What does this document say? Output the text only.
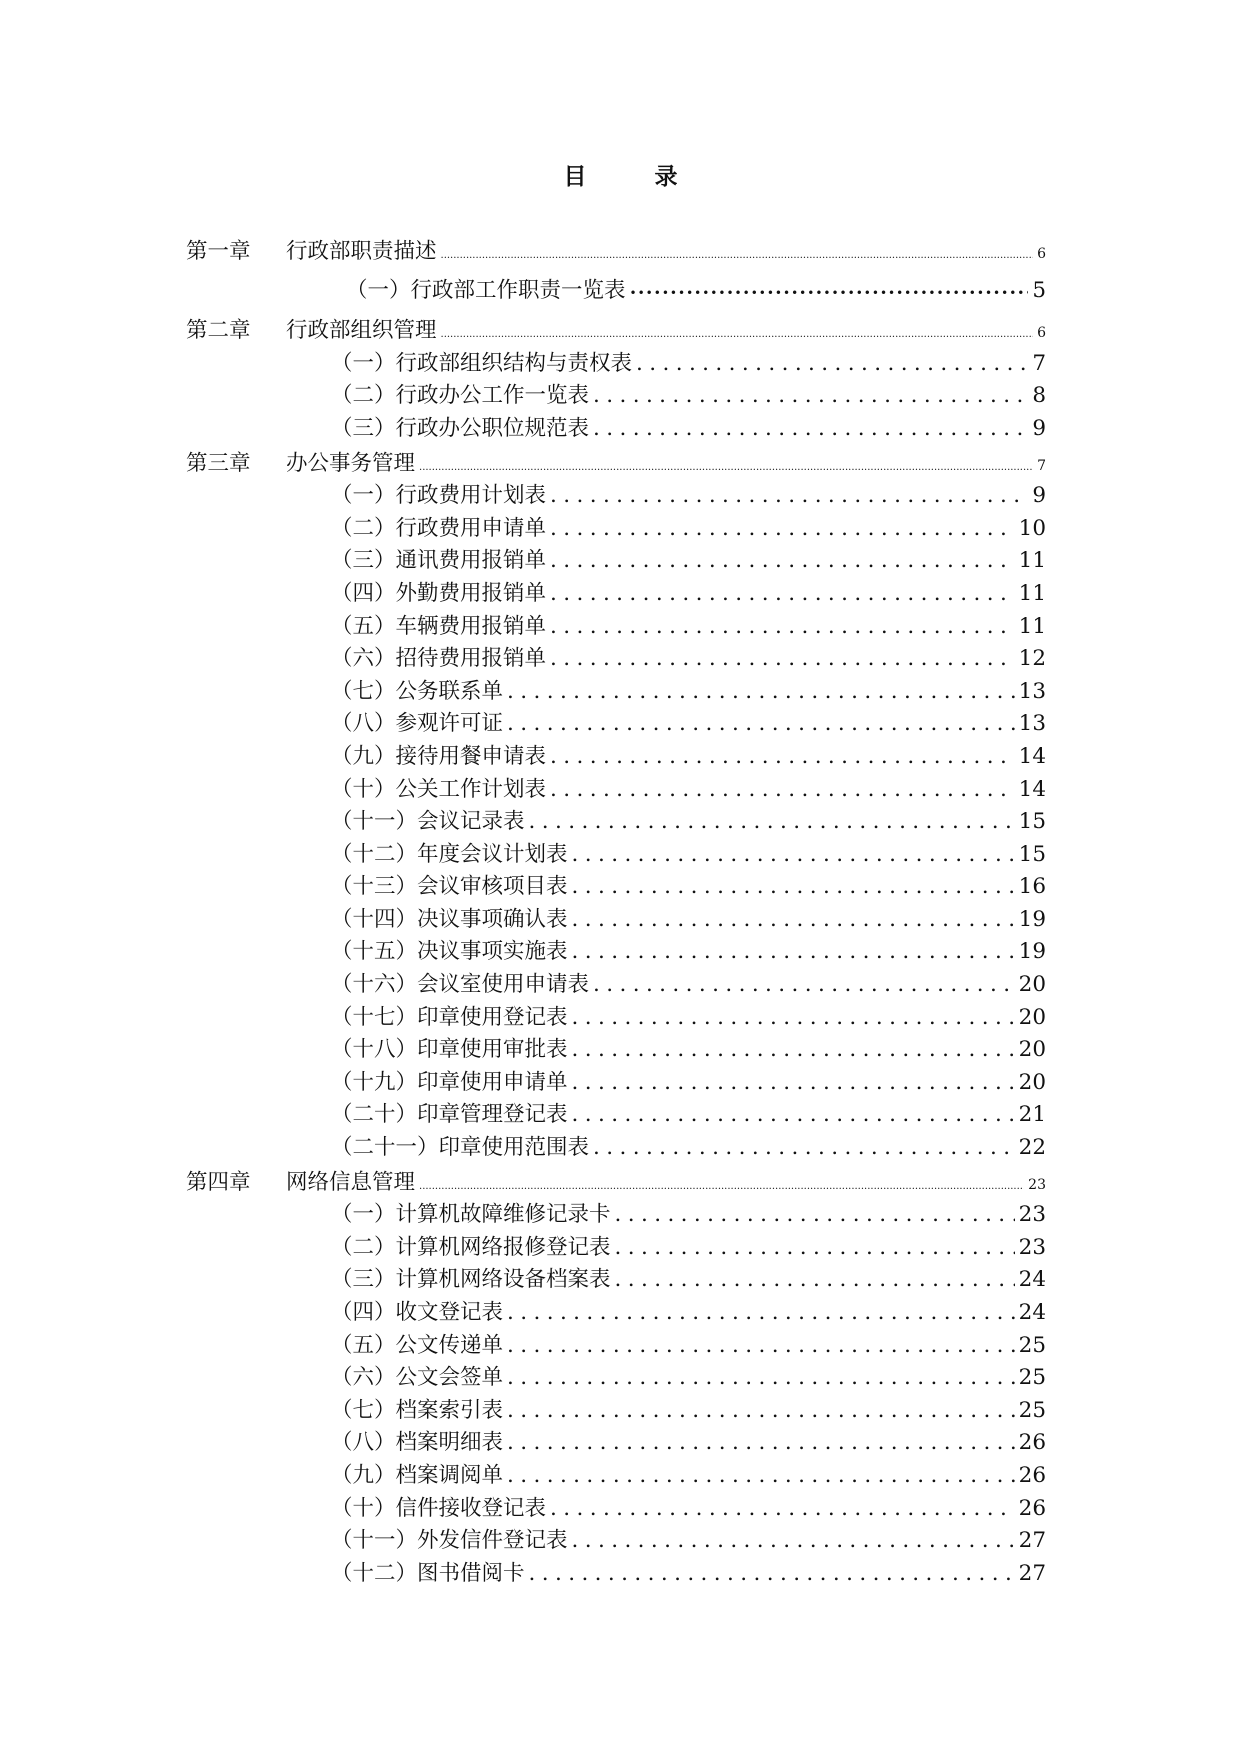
目 录
第一章	行政部职责描述 .....	6
（一）行政部工作职责一览表 •••••	5
第二章	行政部组织管理 .....	6
（一）行政部组织结构与责权表 .....	7
（二）行政办公工作一览表 .....	8
（三）行政办公职位规范表 .....	9
第三章	办公事务管理 .....	7
（一）行政费用计划表 .....	9
（二）行政费用申请单 .....	10
（三）通讯费用报销单 .....	11
（四）外勤费用报销单 .....	11
（五）车辆费用报销单 .....	11
（六）招待费用报销单 .....	12
（七）公务联系单 .....	13
（八）参观许可证 .....	13
（九）接待用餐申请表 .....	14
（十）公关工作计划表 .....	14
（十一）会议记录表 .....	15
（十二）年度会议计划表 .....	15
（十三）会议审核项目表 .....	16
（十四）决议事项确认表 .....	19
（十五）决议事项实施表 .....	19
（十六）会议室使用申请表 .....	20
（十七）印章使用登记表 .....	20
（十八）印章使用审批表 .....	20
（十九）印章使用申请单 .....	20
（二十）印章管理登记表 .....	21
（二十一）印章使用范围表 .....	22
第四章	网络信息管理 .....	23
（一）计算机故障维修记录卡 .....	23
（二）计算机网络报修登记表 .....	23
（三）计算机网络设备档案表 .....	24
（四）收文登记表 .....	24
（五）公文传递单 .....	25
（六）公文会签单 .....	25
（七）档案索引表 .....	25
（八）档案明细表 .....	26
（九）档案调阅单 .....	26
（十）信件接收登记表 .....	26
（十一）外发信件登记表 .....	27
（十二）图书借阅卡 .....	27
